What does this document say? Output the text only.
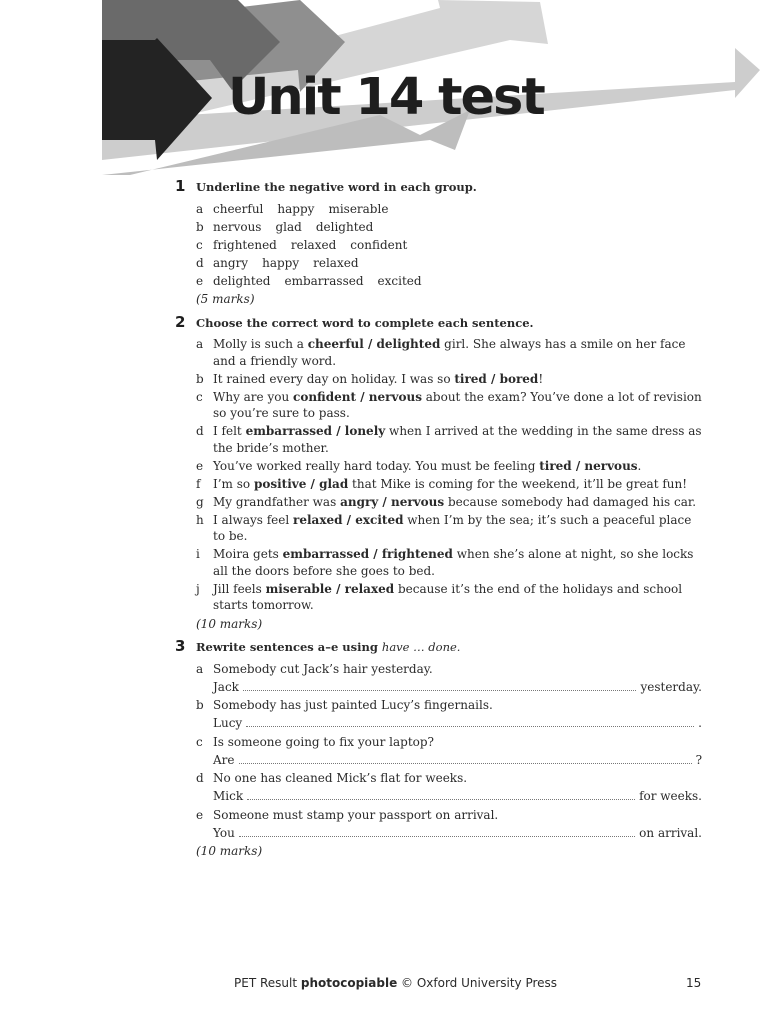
Unit 14 test
1 Underline the negative word in each group.
a cheerful happy miserable
b nervous glad delighted
c frightened relaxed confident
d angry happy relaxed
e delighted embarrassed excited
(5 marks)
2 Choose the correct word to complete each sentence.
a Molly is such a cheerful / delighted girl. She always has a smile on her face and a friendly word.
b It rained every day on holiday. I was so tired / bored!
c Why are you confident / nervous about the exam? You’ve done a lot of revision so you’re sure to pass.
d I felt embarrassed / lonely when I arrived at the wedding in the same dress as the bride’s mother.
e You’ve worked really hard today. You must be feeling tired / nervous.
f	I’m so positive / glad that Mike is coming for the weekend, it’ll be great fun!
g My grandfather was angry / nervous because somebody had damaged his car.
h I always feel relaxed / excited when I’m by the sea; it’s such a peaceful place to be.
i	Moira gets embarrassed / frightened when she’s alone at night, so she locks all the doors before she goes to bed.
j	Jill feels miserable / relaxed because it’s the end of the holidays and school starts tomorrow.
(10 marks)
3 Rewrite sentences a–e using have … done.
a Somebody cut Jack’s hair yesterday.
Jack	yesterday.
b Somebody has just painted Lucy’s fingernails.
Lucy	.
c Is someone going to fix your laptop?
Are	?
d No one has cleaned Mick’s flat for weeks.
Mick	for weeks.
e Someone must stamp your passport on arrival.
You	on arrival.
(10 marks)
PET Result photocopiable © Oxford University Press	15
